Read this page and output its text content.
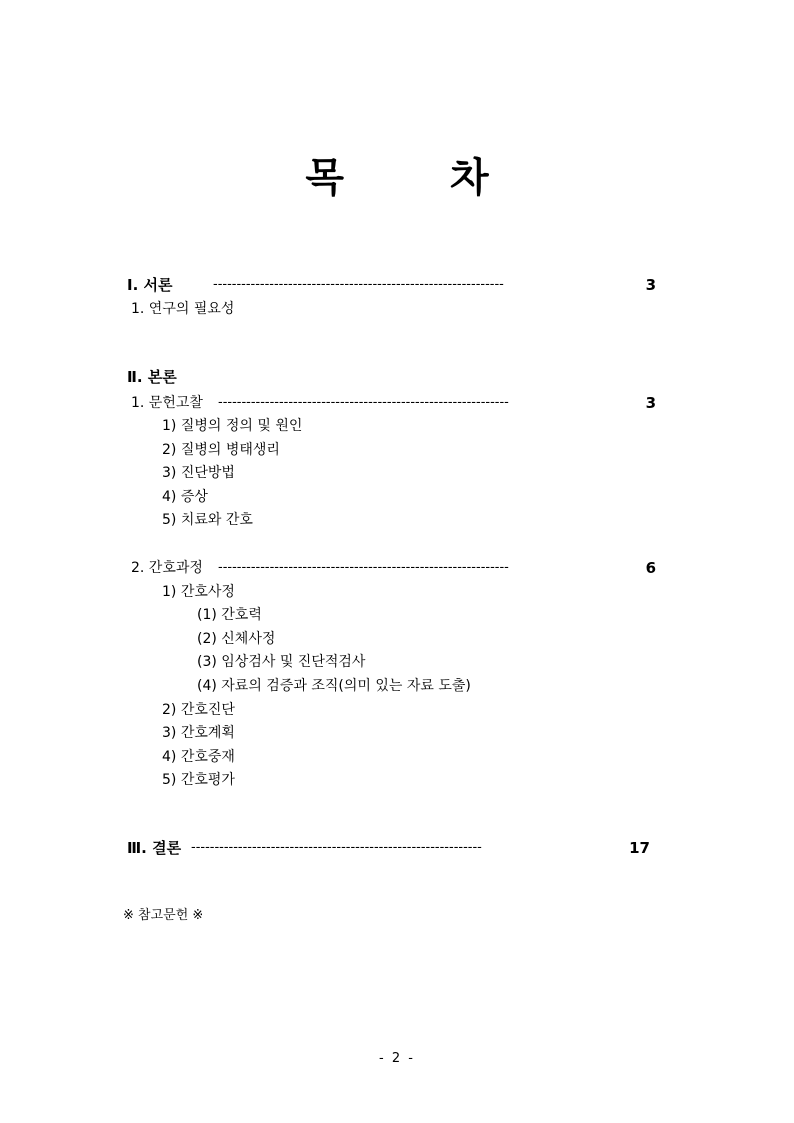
목 차
Ⅰ. 서론	--------------------------------------------------------------	3
1. 연구의 필요성
Ⅱ. 본론
1. 문헌고찰 --------------------------------------------------------------	3
1) 질병의 정의 및 원인
2) 질병의 병태생리
3) 진단방법
4) 증상
5) 치료와 간호
2. 간호과정 --------------------------------------------------------------	6
1) 간호사정
(1) 간호력
(2) 신체사정
(3) 임상검사 및 진단적검사
(4) 자료의 검증과 조직(의미 있는 자료 도출)
2) 간호진단
3) 간호계획
4) 간호중재
5) 간호평가
Ⅲ. 결론 --------------------------------------------------------------	17
※ 참고문헌 ※
- 2 -
